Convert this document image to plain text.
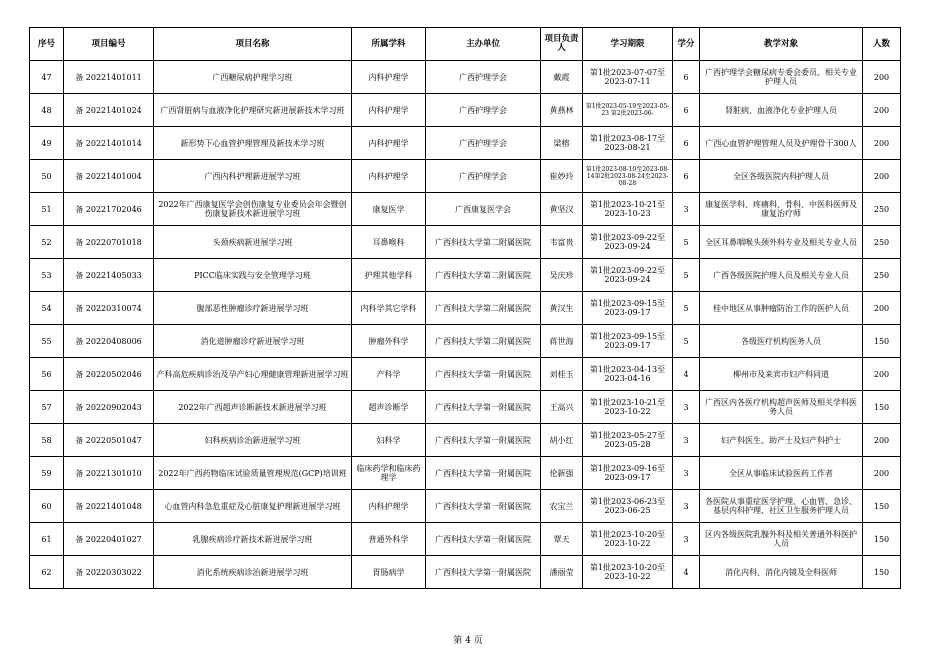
序号	项目编号	项目名称	所属学科	主办单位	项目负责人	学习期限	学分	教学对象	人数
47	备 20221401011	广西糖尿病护理学习班	内科护理学	广西护理学会	戴霞	第1批2023-07-07至2023-07-11	6	广西护理学会糖尿病专委会委员、相关专业护理人员	200
48	备 20221401024	广西肾脏病与血液净化护理研究新进展新技术学习班	内科护理学	广西护理学会	黄燕林	第1批2023-05-19至2023-05-23 第2批2023-06-	6	肾脏病、血液净化专业护理人员	200
49	备 20221401014	新形势下心血管护理管理及新技术学习班	内科护理学	广西护理学会	梁榕	第1批2023-08-17至2023-08-21	6	广西心血管护理管理人员及护理骨干300人	200
50	备 20221401004	广西内科护理新进展学习班	内科护理学	广西护理学会	崔妙玲	第1批2023-08-10至2023-08-14第2批2023-08-24至2023-08-28	6	全区各级医院内科护理人员	200
51	备 20221702046	2022年广西康复医学会创伤康复专业委员会年会暨创伤康复新技术新进展学习班	康复医学	广西康复医学会	黄坚汉	第1批2023-10-21至2023-10-23	3	康复医学科、疼痛科、骨科、中医科医师及康复治疗师	250
52	备 20220701018	头颈疾病新进展学习班	耳鼻喉科	广西科技大学第二附属医院	韦富贵	第1批2023-09-22至2023-09-24	5	全区耳鼻咽喉头颈外科专业及相关专业人员	250
53	备 20221405033	PICC临床实践与安全管理学习班	护理其他学科	广西科技大学第二附属医院	吴庆珍	第1批2023-09-22至2023-09-24	5	广西各级医院护理人员及相关专业人员	250
54	备 20220310074	腹部恶性肿瘤诊疗新进展学习班	内科学其它学科	广西科技大学第二附属医院	黄汉生	第1批2023-09-15至2023-09-17	5	桂中地区从事肿瘤防治工作的医护人员	200
55	备 20220408006	消化道肿瘤诊疗新进展学习班	肿瘤外科学	广西科技大学第二附属医院	蒋世海	第1批2023-09-15至2023-09-17	5	各级医疗机构医务人员	150
56	备 20220502046	产科高危疾病诊治及孕产妇心理健康管理新进展学习班	产科学	广西科技大学第一附属医院	刘桂玉	第1批2023-04-13至2023-04-16	4	柳州市及来宾市妇产科同道	200
57	备 20220902043	2022年广西超声诊断新技术新进展学习班	超声诊断学	广西科技大学第一附属医院	王高兴	第1批2023-10-21至2023-10-22	3	广西区内各医疗机构超声医师及相关学科医务人员	150
58	备 20220501047	妇科疾病诊治新进展学习班	妇科学	广西科技大学第一附属医院	胡小红	第1批2023-05-27至2023-05-28	3	妇产科医生、助产士及妇产科护士	200
59	备 20221301010	2022年广西药物临床试验质量管理规范(GCP)培训班	临床药学和临床药理学	广西科技大学第一附属医院	伦新强	第1批2023-09-16至2023-09-17	3	全区从事临床试验医药工作者	200
60	备 20221401048	心血管内科急危重症及心脏康复护理新进展学习班	内科护理学	广西科技大学第一附属医院	农宝兰	第1批2023-06-23至2023-06-25	3	各医院从事重症医学护理、心血管、急诊、基层内科护理、社区卫生服务护理人员	150
61	备 20220401027	乳腺疾病诊疗新技术新进展学习班	普通外科学	广西科技大学第一附属医院	覃天	第1批2023-10-20至2023-10-22	3	区内各级医院乳腺外科及相关普通外科医护人员	150
62	备 20220303022	消化系统疾病诊治新进展学习班	胃肠病学	广西科技大学第一附属医院	潘丽莹	第1批2023-10-20至2023-10-22	4	消化内科、消化内镜及全科医师	150
第 4 页
